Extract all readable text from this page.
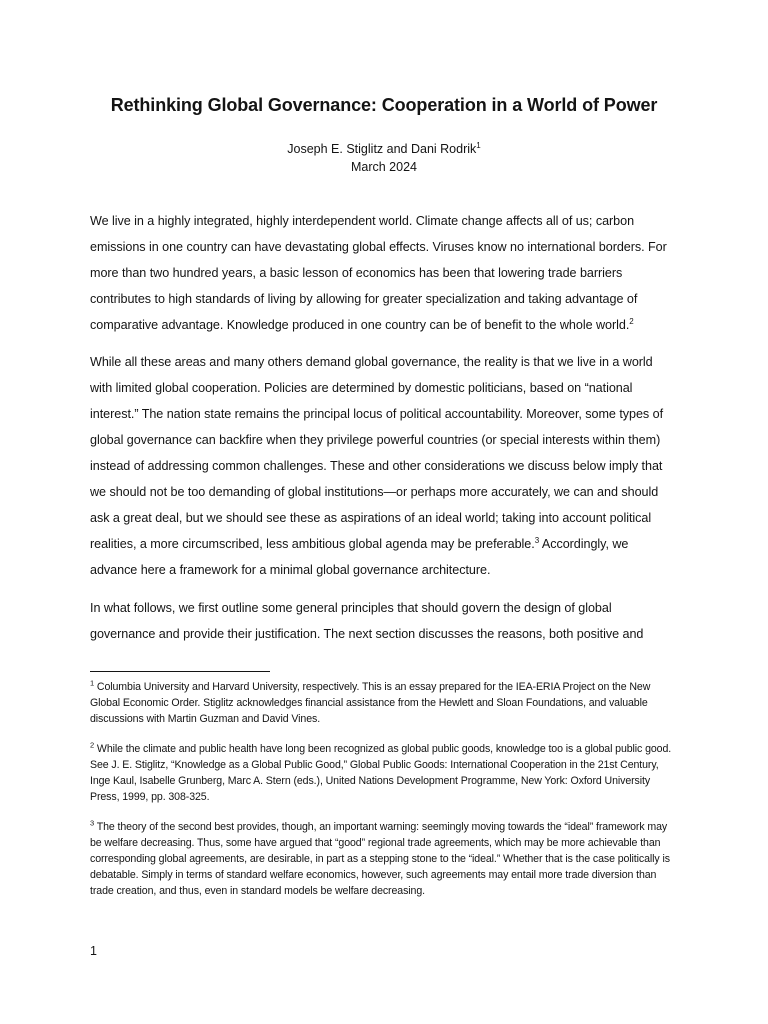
Rethinking Global Governance: Cooperation in a World of Power
Joseph E. Stiglitz and Dani Rodrik$^1$
March 2024

We live in a highly integrated, highly interdependent world. Climate change affects all of us; carbon emissions in one country can have devastating global effects. Viruses know no international borders. For more than two hundred years, a basic lesson of economics has been that lowering trade barriers contributes to high standards of living by allowing for greater specialization and taking advantage of comparative advantage. Knowledge produced in one country can be of benefit to the whole world.$^2$

While all these areas and many others demand global governance, the reality is that we live in a world with limited global cooperation. Policies are determined by domestic politicians, based on “national interest.” The nation state remains the principal locus of political accountability. Moreover, some types of global governance can backfire when they privilege powerful countries (or special interests within them) instead of addressing common challenges. These and other considerations we discuss below imply that we should not be too demanding of global institutions—or perhaps more accurately, we can and should ask a great deal, but we should see these as aspirations of an ideal world; taking into account political realities, a more circumscribed, less ambitious global agenda may be preferable.$^3$ Accordingly, we advance here a framework for a minimal global governance architecture.

In what follows, we first outline some general principles that should govern the design of global governance and provide their justification. The next section discusses the reasons, both positive and

$^1$ Columbia University and Harvard University, respectively. This is an essay prepared for the IEA-ERIA Project on the New Global Economic Order. Stiglitz acknowledges financial assistance from the Hewlett and Sloan Foundations, and valuable discussions with Martin Guzman and David Vines.
$^2$ While the climate and public health have long been recognized as global public goods, knowledge too is a global public good. See J. E. Stiglitz, “Knowledge as a Global Public Good,” Global Public Goods: International Cooperation in the 21st Century, Inge Kaul, Isabelle Grunberg, Marc A. Stern (eds.), United Nations Development Programme, New York: Oxford University Press, 1999, pp. 308-325.
$^3$ The theory of the second best provides, though, an important warning: seemingly moving towards the “ideal” framework may be welfare decreasing. Thus, some have argued that “good” regional trade agreements, which may be more achievable than corresponding global agreements, are desirable, in part as a stepping stone to the “ideal.” Whether that is the case politically is debatable. Simply in terms of standard welfare economics, however, such agreements may entail more trade diversion than trade creation, and thus, even in standard models be welfare decreasing.
1
